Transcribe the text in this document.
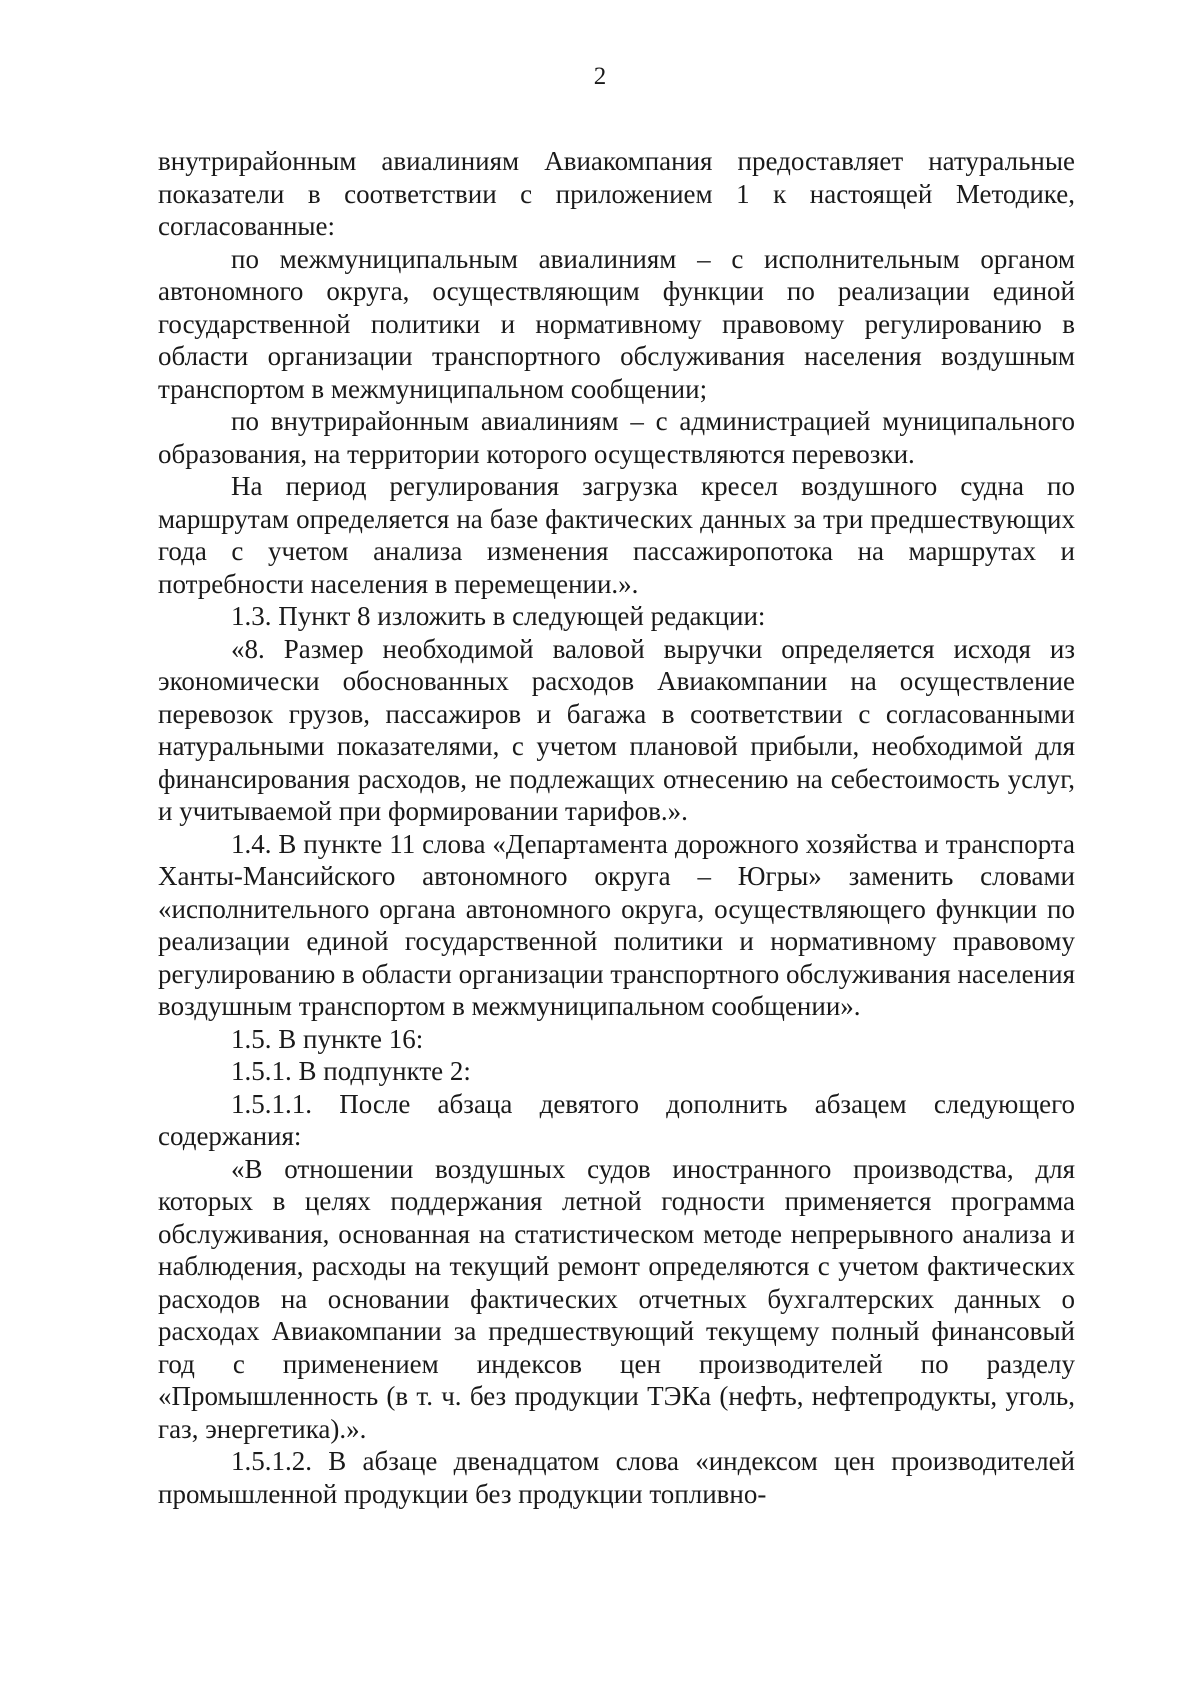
2

внутрирайонным авиалиниям Авиакомпания предоставляет натуральные показатели в соответствии с приложением 1 к настоящей Методике, согласованные:

по межмуниципальным авиалиниям – с исполнительным органом автономного округа, осуществляющим функции по реализации единой государственной политики и нормативному правовому регулированию в области организации транспортного обслуживания населения воздушным транспортом в межмуниципальном сообщении;

по внутрирайонным авиалиниям – с администрацией муниципального образования, на территории которого осуществляются перевозки.

На период регулирования загрузка кресел воздушного судна по маршрутам определяется на базе фактических данных за три предшествующих года с учетом анализа изменения пассажиропотока на маршрутах и потребности населения в перемещении.».

1.3. Пункт 8 изложить в следующей редакции:

«8. Размер необходимой валовой выручки определяется исходя из экономически обоснованных расходов Авиакомпании на осуществление перевозок грузов, пассажиров и багажа в соответствии с согласованными натуральными показателями, с учетом плановой прибыли, необходимой для финансирования расходов, не подлежащих отнесению на себестоимость услуг, и учитываемой при формировании тарифов.».

1.4. В пункте 11 слова «Департамента дорожного хозяйства и транспорта Ханты-Мансийского автономного округа – Югры» заменить словами «исполнительного органа автономного округа, осуществляющего функции по реализации единой государственной политики и нормативному правовому регулированию в области организации транспортного обслуживания населения воздушным транспортом в межмуниципальном сообщении».

1.5. В пункте 16:

1.5.1. В подпункте 2:

1.5.1.1. После абзаца девятого дополнить абзацем следующего содержания:

«В отношении воздушных судов иностранного производства, для которых в целях поддержания летной годности применяется программа обслуживания, основанная на статистическом методе непрерывного анализа и наблюдения, расходы на текущий ремонт определяются с учетом фактических расходов на основании фактических отчетных бухгалтерских данных о расходах Авиакомпании за предшествующий текущему полный финансовый год с применением индексов цен производителей по разделу «Промышленность (в т. ч. без продукции ТЭКа (нефть, нефтепродукты, уголь, газ, энергетика).».

1.5.1.2. В абзаце двенадцатом слова «индексом цен производителей промышленной продукции без продукции топливно-
